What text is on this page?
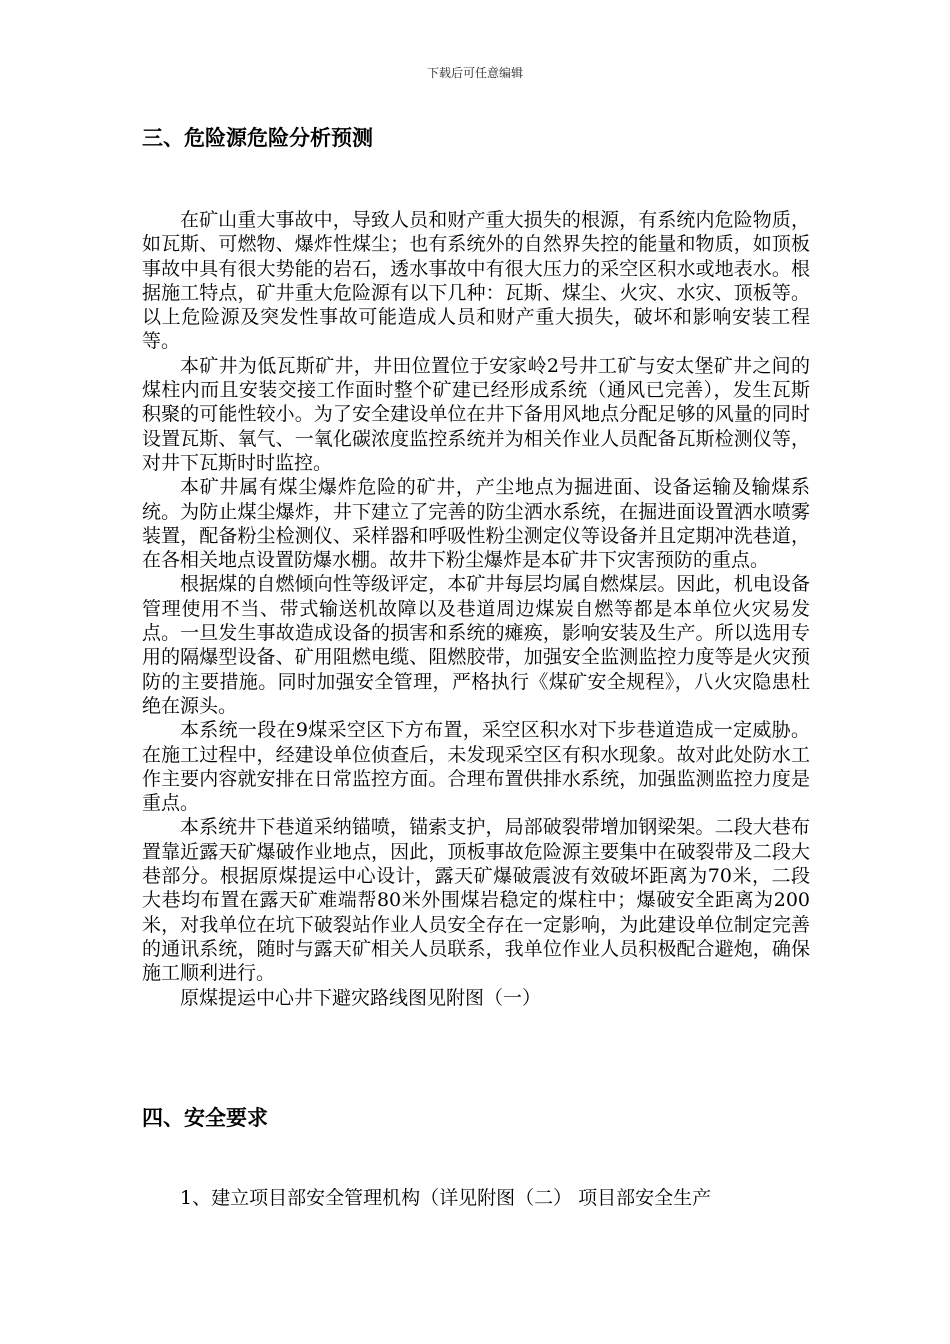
下载后可任意编辑
三、危险源危险分析预测

在矿山重大事故中，导致人员和财产重大损失的根源，有系统内危险物质，如瓦斯、可燃物、爆炸性煤尘；也有系统外的自然界失控的能量和物质，如顶板事故中具有很大势能的岩石，透水事故中有很大压力的采空区积水或地表水。根据施工特点，矿井重大危险源有以下几种：瓦斯、煤尘、火灾、水灾、顶板等。以上危险源及突发性事故可能造成人员和财产重大损失，破坏和影响安装工程等。

本矿井为低瓦斯矿井，井田位置位于安家岭2号井工矿与安太堡矿井之间的煤柱内而且安装交接工作面时整个矿建已经形成系统（通风已完善），发生瓦斯积聚的可能性较小。为了安全建设单位在井下备用风地点分配足够的风量的同时设置瓦斯、氧气、一氧化碳浓度监控系统并为相关作业人员配备瓦斯检测仪等，对井下瓦斯时时监控。

本矿井属有煤尘爆炸危险的矿井，产尘地点为掘进面、设备运输及输煤系统。为防止煤尘爆炸，井下建立了完善的防尘洒水系统，在掘进面设置洒水喷雾装置，配备粉尘检测仪、采样器和呼吸性粉尘测定仪等设备并且定期冲洗巷道，在各相关地点设置防爆水棚。故井下粉尘爆炸是本矿井下灾害预防的重点。

根据煤的自燃倾向性等级评定，本矿井每层均属自燃煤层。因此，机电设备管理使用不当、带式输送机故障以及巷道周边煤炭自燃等都是本单位火灾易发点。一旦发生事故造成设备的损害和系统的瘫痪，影响安装及生产。所以选用专用的隔爆型设备、矿用阻燃电缆、阻燃胶带，加强安全监测监控力度等是火灾预防的主要措施。同时加强安全管理，严格执行《煤矿安全规程》，八火灾隐患杜绝在源头。

本系统一段在9煤采空区下方布置，采空区积水对下步巷道造成一定威胁。在施工过程中，经建设单位侦查后，未发现采空区有积水现象。故对此处防水工作主要内容就安排在日常监控方面。合理布置供排水系统，加强监测监控力度是重点。

本系统井下巷道采纳锚喷，锚索支护，局部破裂带增加钢梁架。二段大巷布置靠近露天矿爆破作业地点，因此，顶板事故危险源主要集中在破裂带及二段大巷部分。根据原煤提运中心设计，露天矿爆破震波有效破坏距离为70米，二段大巷均布置在露天矿难端帮80米外围煤岩稳定的煤柱中；爆破安全距离为200米，对我单位在坑下破裂站作业人员安全存在一定影响，为此建设单位制定完善的通讯系统，随时与露天矿相关人员联系，我单位作业人员积极配合避炮，确保施工顺利进行。

原煤提运中心井下避灾路线图见附图（一）

四、安全要求

1、建立项目部安全管理机构（详见附图（二） 项目部安全生产
